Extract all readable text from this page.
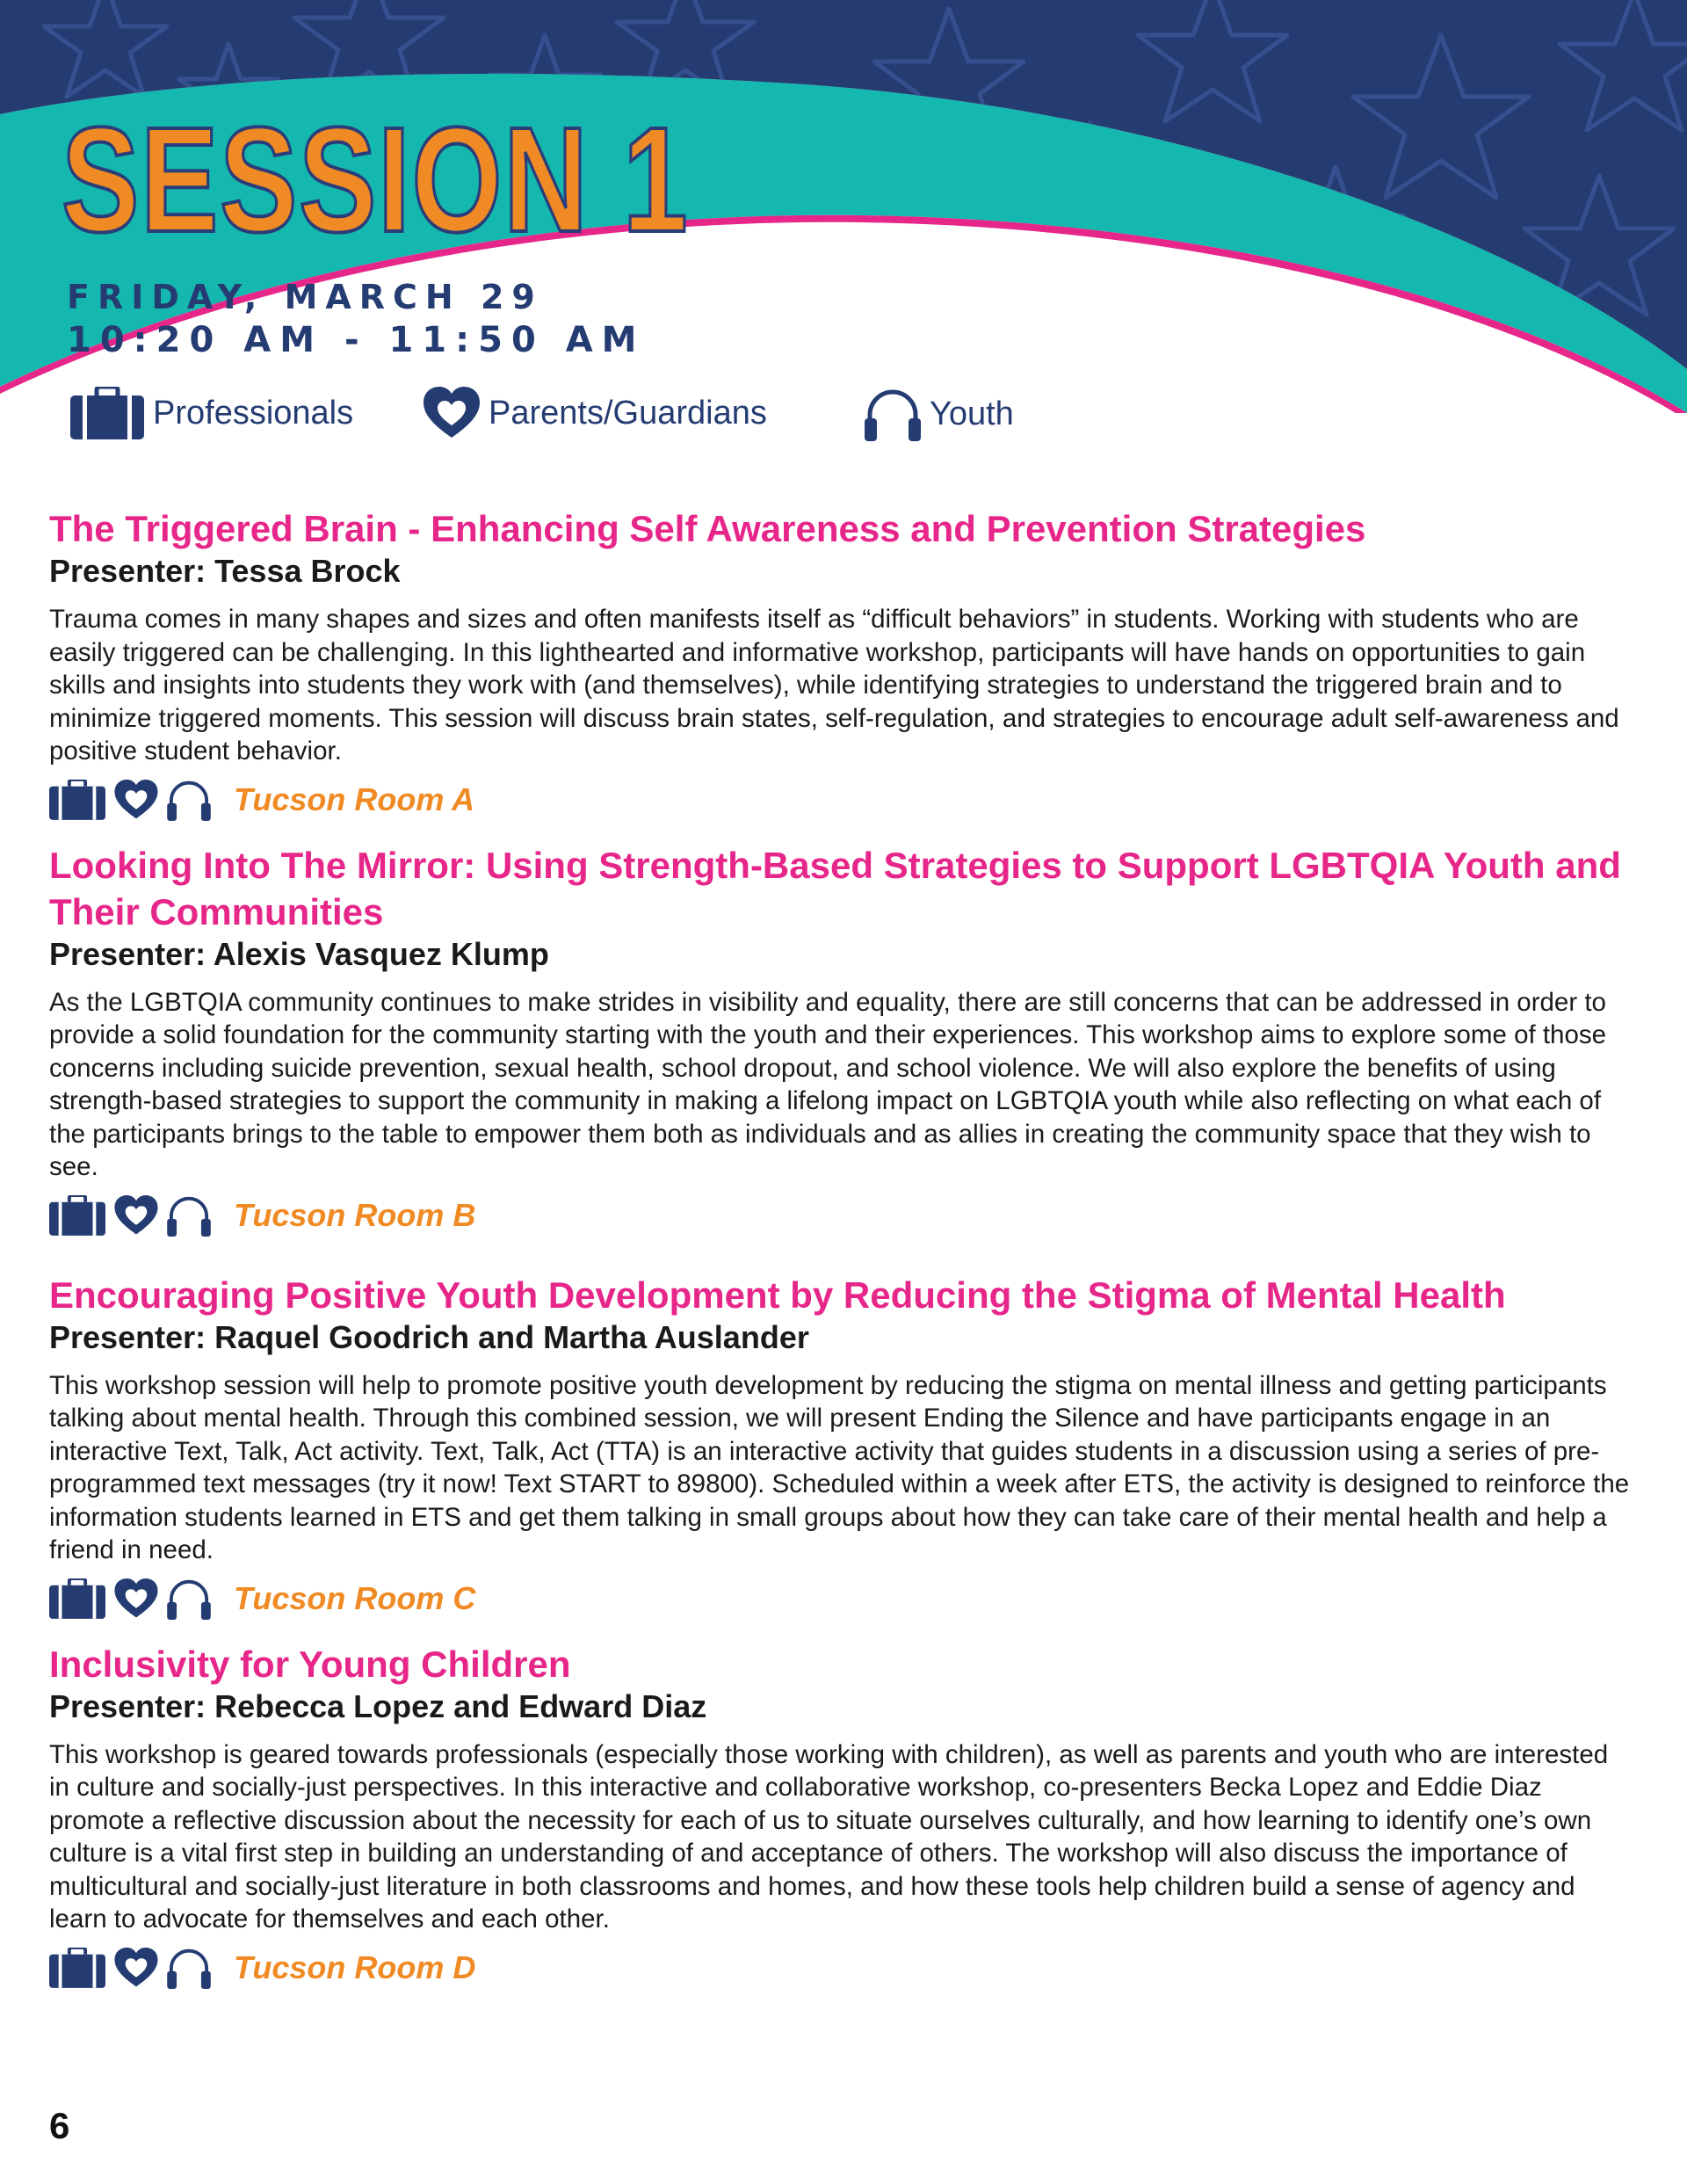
SESSION 1

FRIDAY, MARCH 29

10:20 AM - 11:50 AM

Professionals	Parents/Guardians	Youth
The Triggered Brain - Enhancing Self Awareness and Prevention Strategies

Presenter: Tessa Brock

Trauma comes in many shapes and sizes and often manifests itself as “difficult behaviors” in students. Working with students who are easily triggered can be challenging. In this lighthearted and informative workshop, participants will have hands on opportunities to gain skills and insights into students they work with (and themselves), while identifying strategies to understand the triggered brain and to minimize triggered moments. This session will discuss brain states, self-regulation, and strategies to encourage adult self-awareness and positive student behavior.

Tucson Room A
Looking Into The Mirror: Using Strength-Based Strategies to Support LGBTQIA Youth and Their Communities

Presenter: Alexis Vasquez Klump

As the LGBTQIA community continues to make strides in visibility and equality, there are still concerns that can be addressed in order to provide a solid foundation for the community starting with the youth and their experiences. This workshop aims to explore some of those concerns including suicide prevention, sexual health, school dropout, and school violence. We will also explore the benefits of using strength-based strategies to support the community in making a lifelong impact on LGBTQIA youth while also reflecting on what each of the participants brings to the table to empower them both as individuals and as allies in creating the community space that they wish to see.

Tucson Room B
Encouraging Positive Youth Development by Reducing the Stigma of Mental Health

Presenter: Raquel Goodrich and Martha Auslander

This workshop session will help to promote positive youth development by reducing the stigma on mental illness and getting participants talking about mental health. Through this combined session, we will present Ending the Silence and have participants engage in an interactive Text, Talk, Act activity. Text, Talk, Act (TTA) is an interactive activity that guides students in a discussion using a series of pre-programmed text messages (try it now! Text START to 89800). Scheduled within a week after ETS, the activity is designed to reinforce the information students learned in ETS and get them talking in small groups about how they can take care of their mental health and help a friend in need.

Tucson Room C
Inclusivity for Young Children

Presenter: Rebecca Lopez and Edward Diaz

This workshop is geared towards professionals (especially those working with children), as well as parents and youth who are interested in culture and socially-just perspectives. In this interactive and collaborative workshop, co-presenters Becka Lopez and Eddie Diaz promote a reflective discussion about the necessity for each of us to situate ourselves culturally, and how learning to identify one’s own culture is a vital first step in building an understanding of and acceptance of others. The workshop will also discuss the importance of multicultural and socially-just literature in both classrooms and homes, and how these tools help children build a sense of agency and learn to advocate for themselves and each other.

Tucson Room D

6
